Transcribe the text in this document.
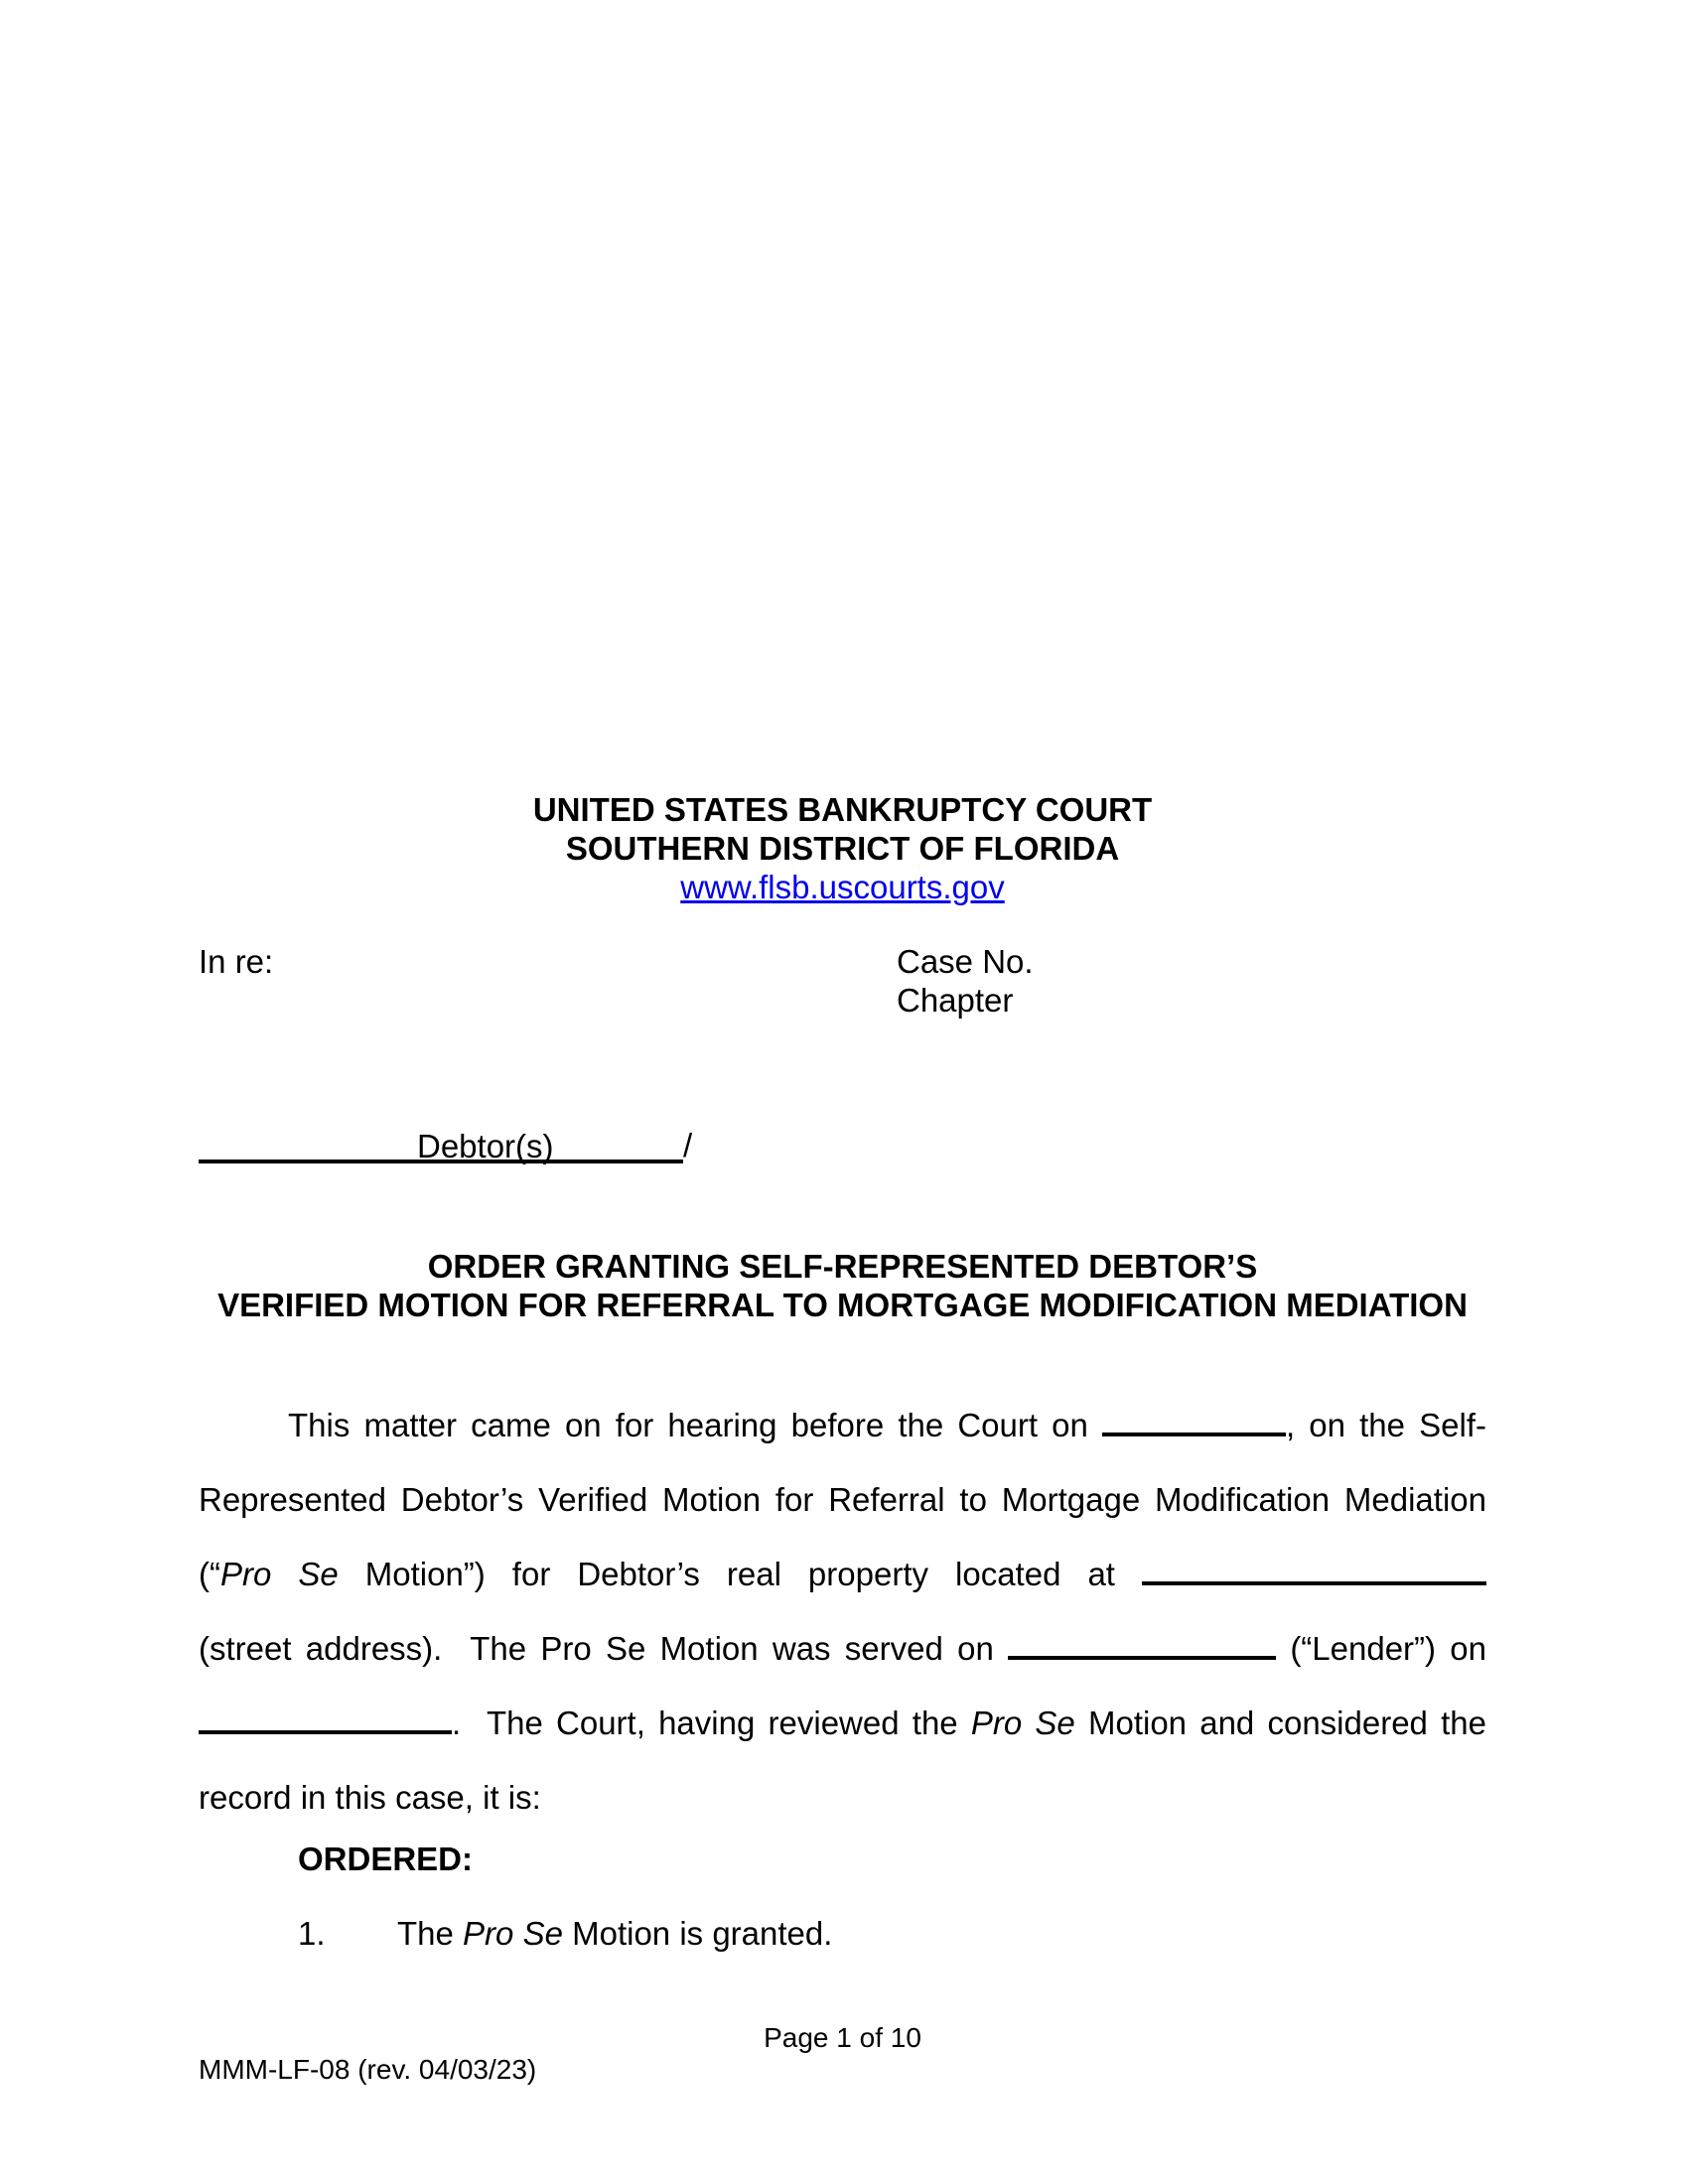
UNITED STATES BANKRUPTCY COURT
SOUTHERN DISTRICT OF FLORIDA
www.flsb.uscourts.gov
In re:	Case No.
Chapter
Debtor(s)	/
ORDER GRANTING SELF-REPRESENTED DEBTOR’S
VERIFIED MOTION FOR REFERRAL TO MORTGAGE MODIFICATION MEDIATION
This matter came on for hearing before the Court on	, on the Self-
Represented Debtor’s Verified Motion for Referral to Mortgage Modification Mediation
(“Pro Se Motion”) for Debtor’s real property located at
(street address).  The Pro Se Motion was served on	(“Lender”) on
.  The Court, having reviewed the Pro Se Motion and considered the
record in this case, it is:
ORDERED:
1. The Pro Se Motion is granted.
Page 1 of 10
MMM-LF-08 (rev. 04/03/23)
